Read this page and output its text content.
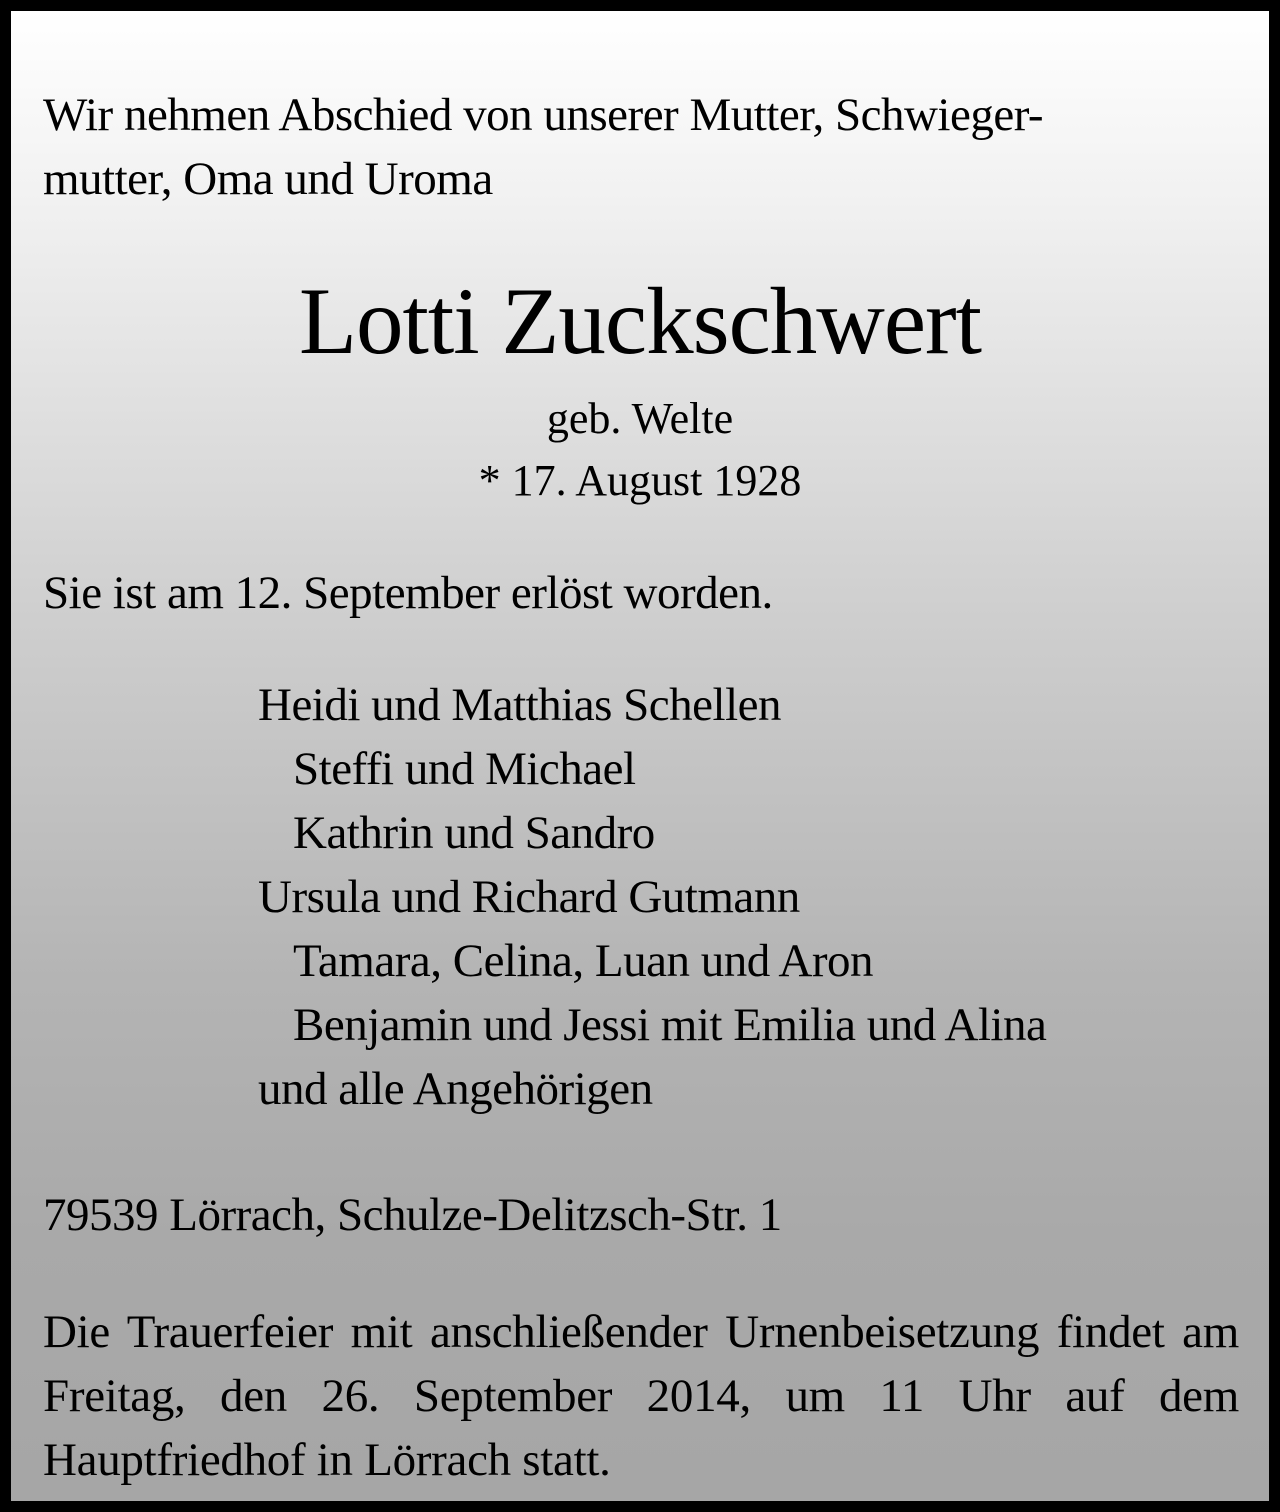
Wir nehmen Abschied von unserer Mutter, Schwieger-

mutter, Oma und Uroma

Lotti Zuckschwert

geb. Welte

* 17. August 1928

Sie ist am 12. September erlöst worden.

Heidi und Matthias Schellen

Steffi und Michael

Kathrin und Sandro

Ursula und Richard Gutmann

Tamara, Celina, Luan und Aron

Benjamin und Jessi mit Emilia und Alina

und alle Angehörigen

79539 Lörrach, Schulze-Delitzsch-Str. 1

Die Trauerfeier mit anschließender Urnenbeisetzung findet am Freitag, den 26. September 2014, um 11 Uhr auf dem Hauptfriedhof in Lörrach statt.
